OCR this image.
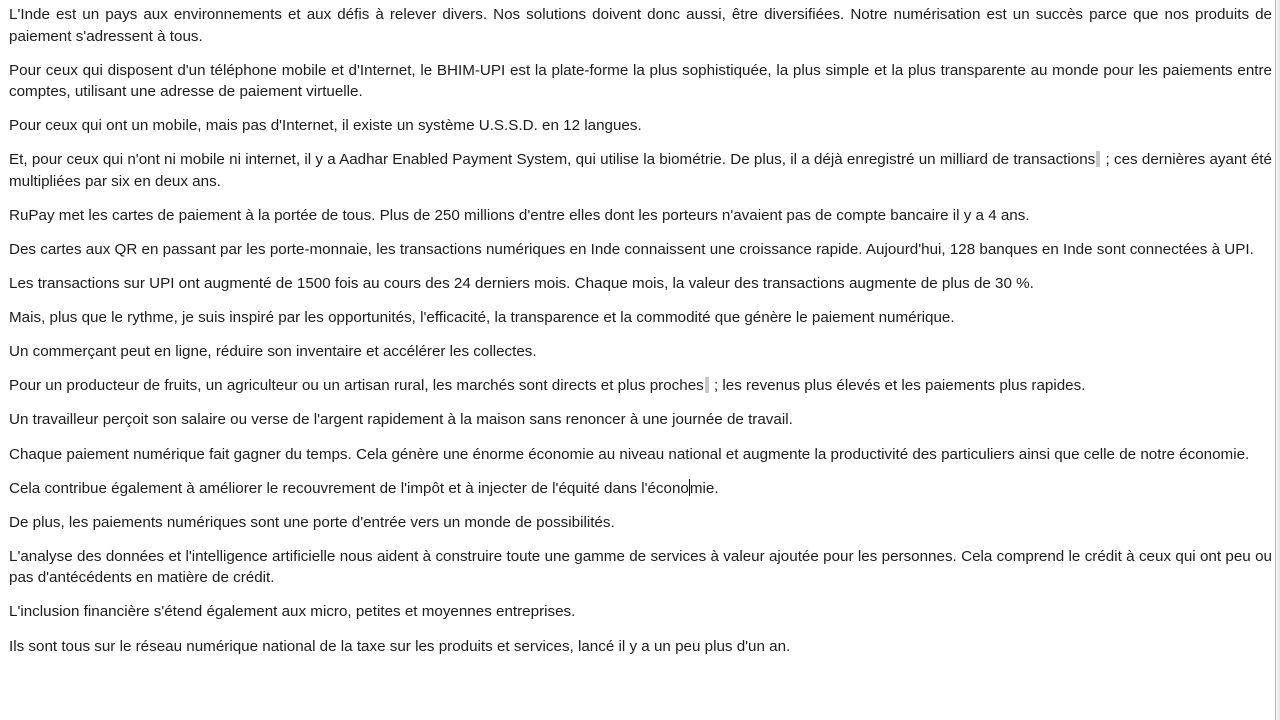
L'Inde est un pays aux environnements et aux défis à relever divers. Nos solutions doivent donc aussi, être diversifiées. Notre numérisation est un succès parce que nos produits de paiement s'adressent à tous.

Pour ceux qui disposent d'un téléphone mobile et d'Internet, le BHIM-UPI est la plate-forme la plus sophistiquée, la plus simple et la plus transparente au monde pour les paiements entre comptes, utilisant une adresse de paiement virtuelle.

Pour ceux qui ont un mobile, mais pas d'Internet, il existe un système U.S.S.D. en 12 langues.

Et, pour ceux qui n'ont ni mobile ni internet, il y a Aadhar Enabled Payment System, qui utilise la biométrie. De plus, il a déjà enregistré un milliard de transactions ; ces dernières ayant été multipliées par six en deux ans.

RuPay met les cartes de paiement à la portée de tous. Plus de 250 millions d'entre elles dont les porteurs n'avaient pas de compte bancaire il y a 4 ans.

Des cartes aux QR en passant par les porte-monnaie, les transactions numériques en Inde connaissent une croissance rapide. Aujourd'hui, 128 banques en Inde sont connectées à UPI.

Les transactions sur UPI ont augmenté de 1500 fois au cours des 24 derniers mois. Chaque mois, la valeur des transactions augmente de plus de 30 %.

Mais, plus que le rythme, je suis inspiré par les opportunités, l'efficacité, la transparence et la commodité que génère le paiement numérique.

Un commerçant peut en ligne, réduire son inventaire et accélérer les collectes.

Pour un producteur de fruits, un agriculteur ou un artisan rural, les marchés sont directs et plus proches ; les revenus plus élevés et les paiements plus rapides.

Un travailleur perçoit son salaire ou verse de l'argent rapidement à la maison sans renoncer à une journée de travail.

Chaque paiement numérique fait gagner du temps. Cela génère une énorme économie au niveau national et augmente la productivité des particuliers ainsi que celle de notre économie.

Cela contribue également à améliorer le recouvrement de l'impôt et à injecter de l'équité dans l'économie.

De plus, les paiements numériques sont une porte d'entrée vers un monde de possibilités.

L'analyse des données et l'intelligence artificielle nous aident à construire toute une gamme de services à valeur ajoutée pour les personnes. Cela comprend le crédit à ceux qui ont peu ou pas d'antécédents en matière de crédit.

L'inclusion financière s'étend également aux micro, petites et moyennes entreprises.

Ils sont tous sur le réseau numérique national de la taxe sur les produits et services, lancé il y a un peu plus d'un an.
